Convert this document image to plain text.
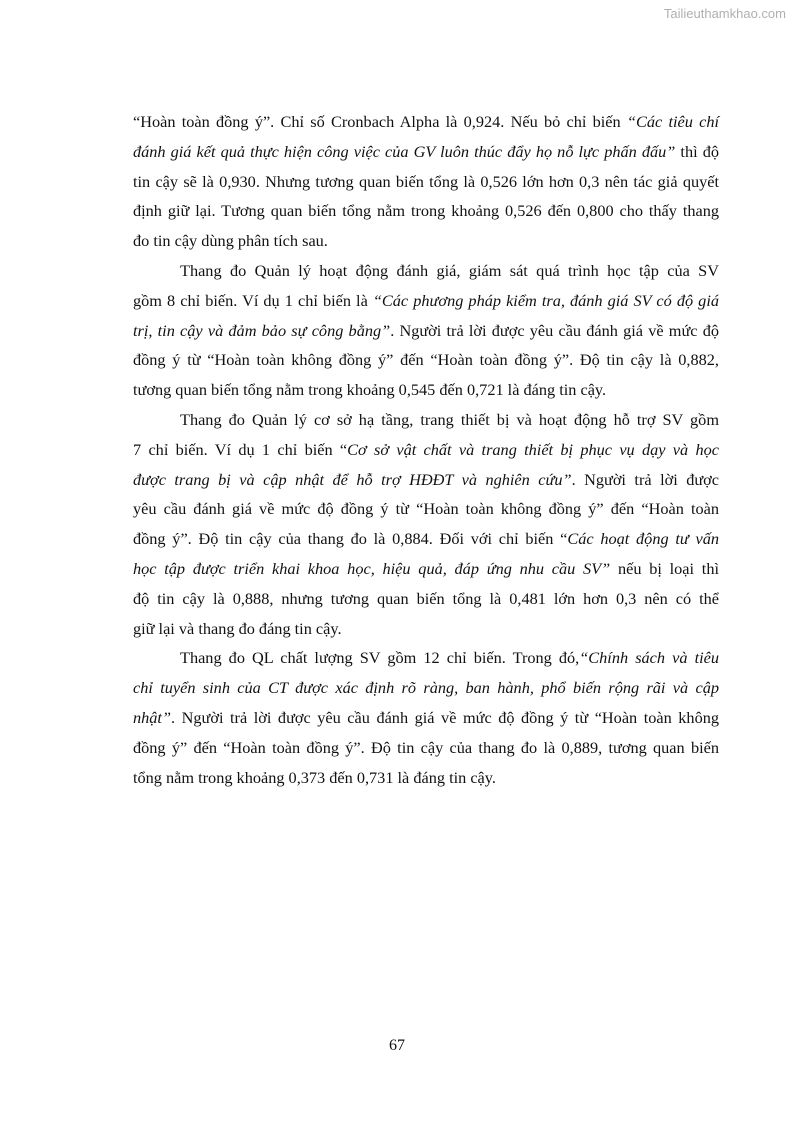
Tailieuthamkhao.com
“Hoàn toàn đồng ý”. Chỉ số Cronbach Alpha là 0,924. Nếu bỏ chỉ biến “Các tiêu chí
đánh giá kết quả thực hiện công việc của GV luôn thúc đẩy họ nỗ lực phấn đấu” thì độ
tin cậy sẽ là 0,930. Nhưng tương quan biến tổng là 0,526 lớn hơn 0,3 nên tác giả quyết
định giữ lại. Tương quan biến tổng nằm trong khoảng 0,526 đến 0,800 cho thấy thang
đo tin cậy dùng phân tích sau.
Thang đo Quản lý hoạt động đánh giá, giám sát quá trình học tập của SV
gồm 8 chỉ biến. Ví dụ 1 chỉ biến là “Các phương pháp kiểm tra, đánh giá SV có độ giá
trị, tin cậy và đảm bảo sự công bằng”. Người trả lời được yêu cầu đánh giá về mức độ
đồng ý từ “Hoàn toàn không đồng ý” đến “Hoàn toàn đồng ý”. Độ tin cậy là 0,882,
tương quan biến tổng nằm trong khoảng 0,545 đến 0,721 là đáng tin cậy.
Thang đo Quản lý cơ sở hạ tầng, trang thiết bị và hoạt động hỗ trợ SV gồm
7 chỉ biến. Ví dụ 1 chỉ biến “Cơ sở vật chất và trang thiết bị phục vụ dạy và học
được trang bị và cập nhật để hỗ trợ HĐĐT và nghiên cứu”. Người trả lời được
yêu cầu đánh giá về mức độ đồng ý từ “Hoàn toàn không đồng ý” đến “Hoàn toàn
đồng ý”. Độ tin cậy của thang đo là 0,884. Đối với chỉ biến “Các hoạt động tư vấn
học tập được triển khai khoa học, hiệu quả, đáp ứng nhu cầu SV” nếu bị loại thì
độ tin cậy là 0,888, nhưng tương quan biến tổng là 0,481 lớn hơn 0,3 nên có thể
giữ lại và thang đo đáng tin cậy.
Thang đo QL chất lượng SV gồm 12 chỉ biến. Trong đó,“Chính sách và tiêu
chỉ tuyển sinh của CT được xác định rõ ràng, ban hành, phổ biến rộng rãi và cập
nhật”. Người trả lời được yêu cầu đánh giá về mức độ đồng ý từ “Hoàn toàn không
đồng ý” đến “Hoàn toàn đồng ý”. Độ tin cậy của thang đo là 0,889, tương quan biến
tổng nằm trong khoảng 0,373 đến 0,731 là đáng tin cậy.
67
